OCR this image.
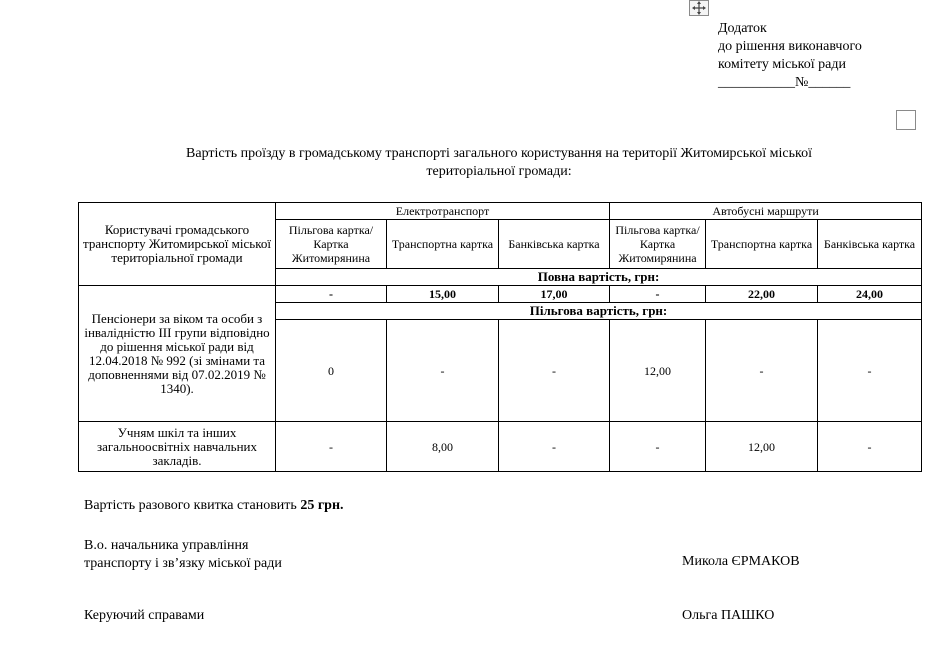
Додаток
до рішення виконавчого
комітету міської ради
___________№______
Вартість проїзду в громадському транспорті загального користування на території Житомирської міської
територіальної громади:
Користувачі громадського транспорту Житомирської міської територіальної громади	Електротранспорт			Автобусні маршрути		
	Пільгова картка/Картка Житомирянина	Транспортна картка	Банківська картка	Пільгова картка/Картка Житомирянина	Транспортна картка	Банківська картка
	Повна вартість, грн:					
Пенсіонери за віком та особи з інвалідністю ІІІ групи відповідно до рішення міської ради від 12.04.2018 № 992 (зі змінами та доповненнями від 07.02.2019 № 1340).	-	15,00	17,00	-	22,00	24,00
	Пільгова вартість, грн:					
	0	-	-	12,00	-	-
Учням шкіл та інших загальноосвітніх навчальних закладів.	-	8,00	-	-	12,00	-
Вартість разового квитка становить 25 грн.
В.о. начальника управління
транспорту і зв’язку міської ради	Микола ЄРМАКОВ
Керуючий справами	Ольга ПАШКО
